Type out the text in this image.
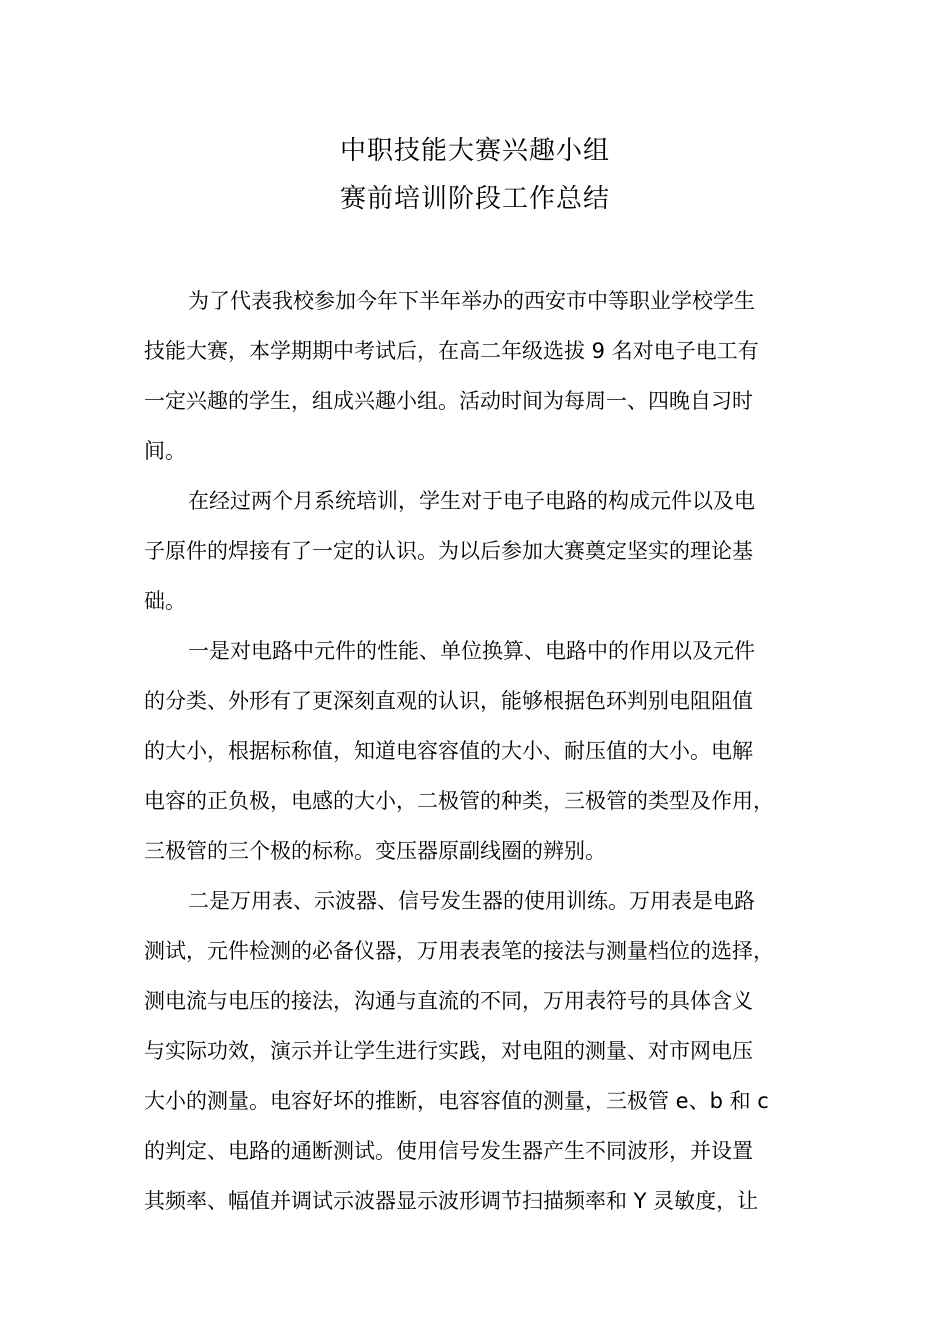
中职技能大赛兴趣小组
赛前培训阶段工作总结
为了代表我校参加今年下半年举办的西安市中等职业学校学生
技能大赛，本学期期中考试后，在高二年级选拔 9 名对电子电工有
一定兴趣的学生，组成兴趣小组。活动时间为每周一、四晚自习时
间。
在经过两个月系统培训，学生对于电子电路的构成元件以及电
子原件的焊接有了一定的认识。为以后参加大赛奠定坚实的理论基
础。
一是对电路中元件的性能、单位换算、电路中的作用以及元件
的分类、外形有了更深刻直观的认识，能够根据色环判别电阻阻值
的大小，根据标称值，知道电容容值的大小、耐压值的大小。电解
电容的正负极，电感的大小，二极管的种类，三极管的类型及作用，
三极管的三个极的标称。变压器原副线圈的辨别。
二是万用表、示波器、信号发生器的使用训练。万用表是电路
测试，元件检测的必备仪器，万用表表笔的接法与测量档位的选择，
测电流与电压的接法，沟通与直流的不同，万用表符号的具体含义
与实际功效，演示并让学生进行实践，对电阻的测量、对市网电压
大小的测量。电容好坏的推断，电容容值的测量，三极管 e、b 和 c
的判定、电路的通断测试。使用信号发生器产生不同波形，并设置
其频率、幅值并调试示波器显示波形调节扫描频率和 Y 灵敏度，让
